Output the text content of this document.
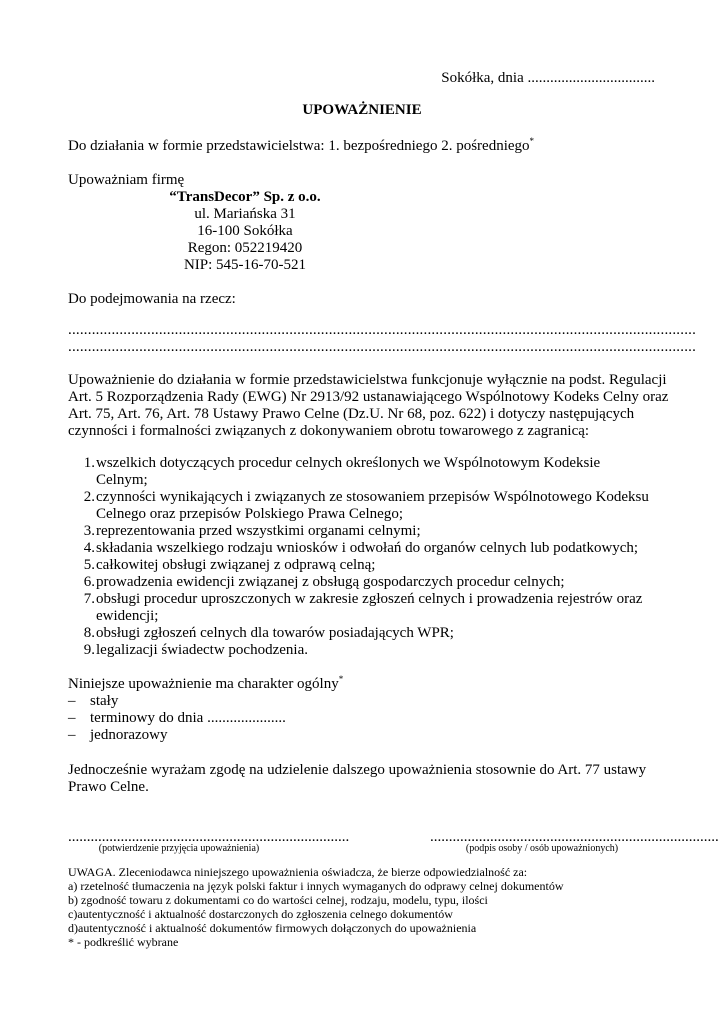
Sokółka, dnia ..................................

UPOWAŻNIENIE

Do działania w formie przedstawicielstwa: 1. bezpośredniego 2. pośredniego*

Upoważniam firmę

“TransDecor” Sp. z o.o.
ul. Mariańska 31
16-100 Sokółka
Regon: 052219420
NIP: 545-16-70-521

Do podejmowania na rzecz:

...............................................................................................................................................................
...............................................................................................................................................................
Upoważnienie do działania w formie przedstawicielstwa funkcjonuje wyłącznie na podst. Regulacji
Art. 5 Rozporządzenia Rady (EWG) Nr 2913/92 ustanawiającego Wspólnotowy Kodeks Celny oraz
Art. 75, Art. 76, Art. 78 Ustawy Prawo Celne (Dz.U. Nr 68, poz. 622) i dotyczy następujących
czynności i formalności związanych z dokonywaniem obrotu towarowego z zagranicą:
1. wszelkich dotyczących procedur celnych określonych we Wspólnotowym Kodeksie
Celnym;
2. czynności wynikających i związanych ze stosowaniem przepisów Wspólnotowego Kodeksu
Celnego oraz przepisów Polskiego Prawa Celnego;
3. reprezentowania przed wszystkimi organami celnymi;
4. składania wszelkiego rodzaju wniosków i odwołań do organów celnych lub podatkowych;
5. całkowitej obsługi związanej z odprawą celną;
6. prowadzenia ewidencji związanej z obsługą gospodarczych procedur celnych;
7. obsługi procedur uproszczonych w zakresie zgłoszeń celnych i prowadzenia rejestrów oraz
ewidencji;
8. obsługi zgłoszeń celnych dla towarów posiadających WPR;
9. legalizacji świadectw pochodzenia.

Niniejsze upoważnienie ma charakter ogólny*

– stały
– terminowy do dnia .....................
– jednorazowy
Jednocześnie wyrażam zgodę na udzielenie dalszego upoważnienia stosownie do Art. 77 ustawy
Prawo Celne.

...........................................................................	.............................................................................

(potwierdzenie przyjęcia upoważnienia)	(podpis osoby / osób upoważnionych)

UWAGA. Zleceniodawca niniejszego upoważnienia oświadcza, że bierze odpowiedzialność za:
a) rzetelność tłumaczenia na język polski faktur i innych wymaganych do odprawy celnej dokumentów
b) zgodność towaru z dokumentami co do wartości celnej, rodzaju, modelu, typu, ilości
c)autentyczność i aktualność dostarczonych do zgłoszenia celnego dokumentów
d)autentyczność i aktualność dokumentów firmowych dołączonych do upoważnienia
* - podkreślić wybrane
